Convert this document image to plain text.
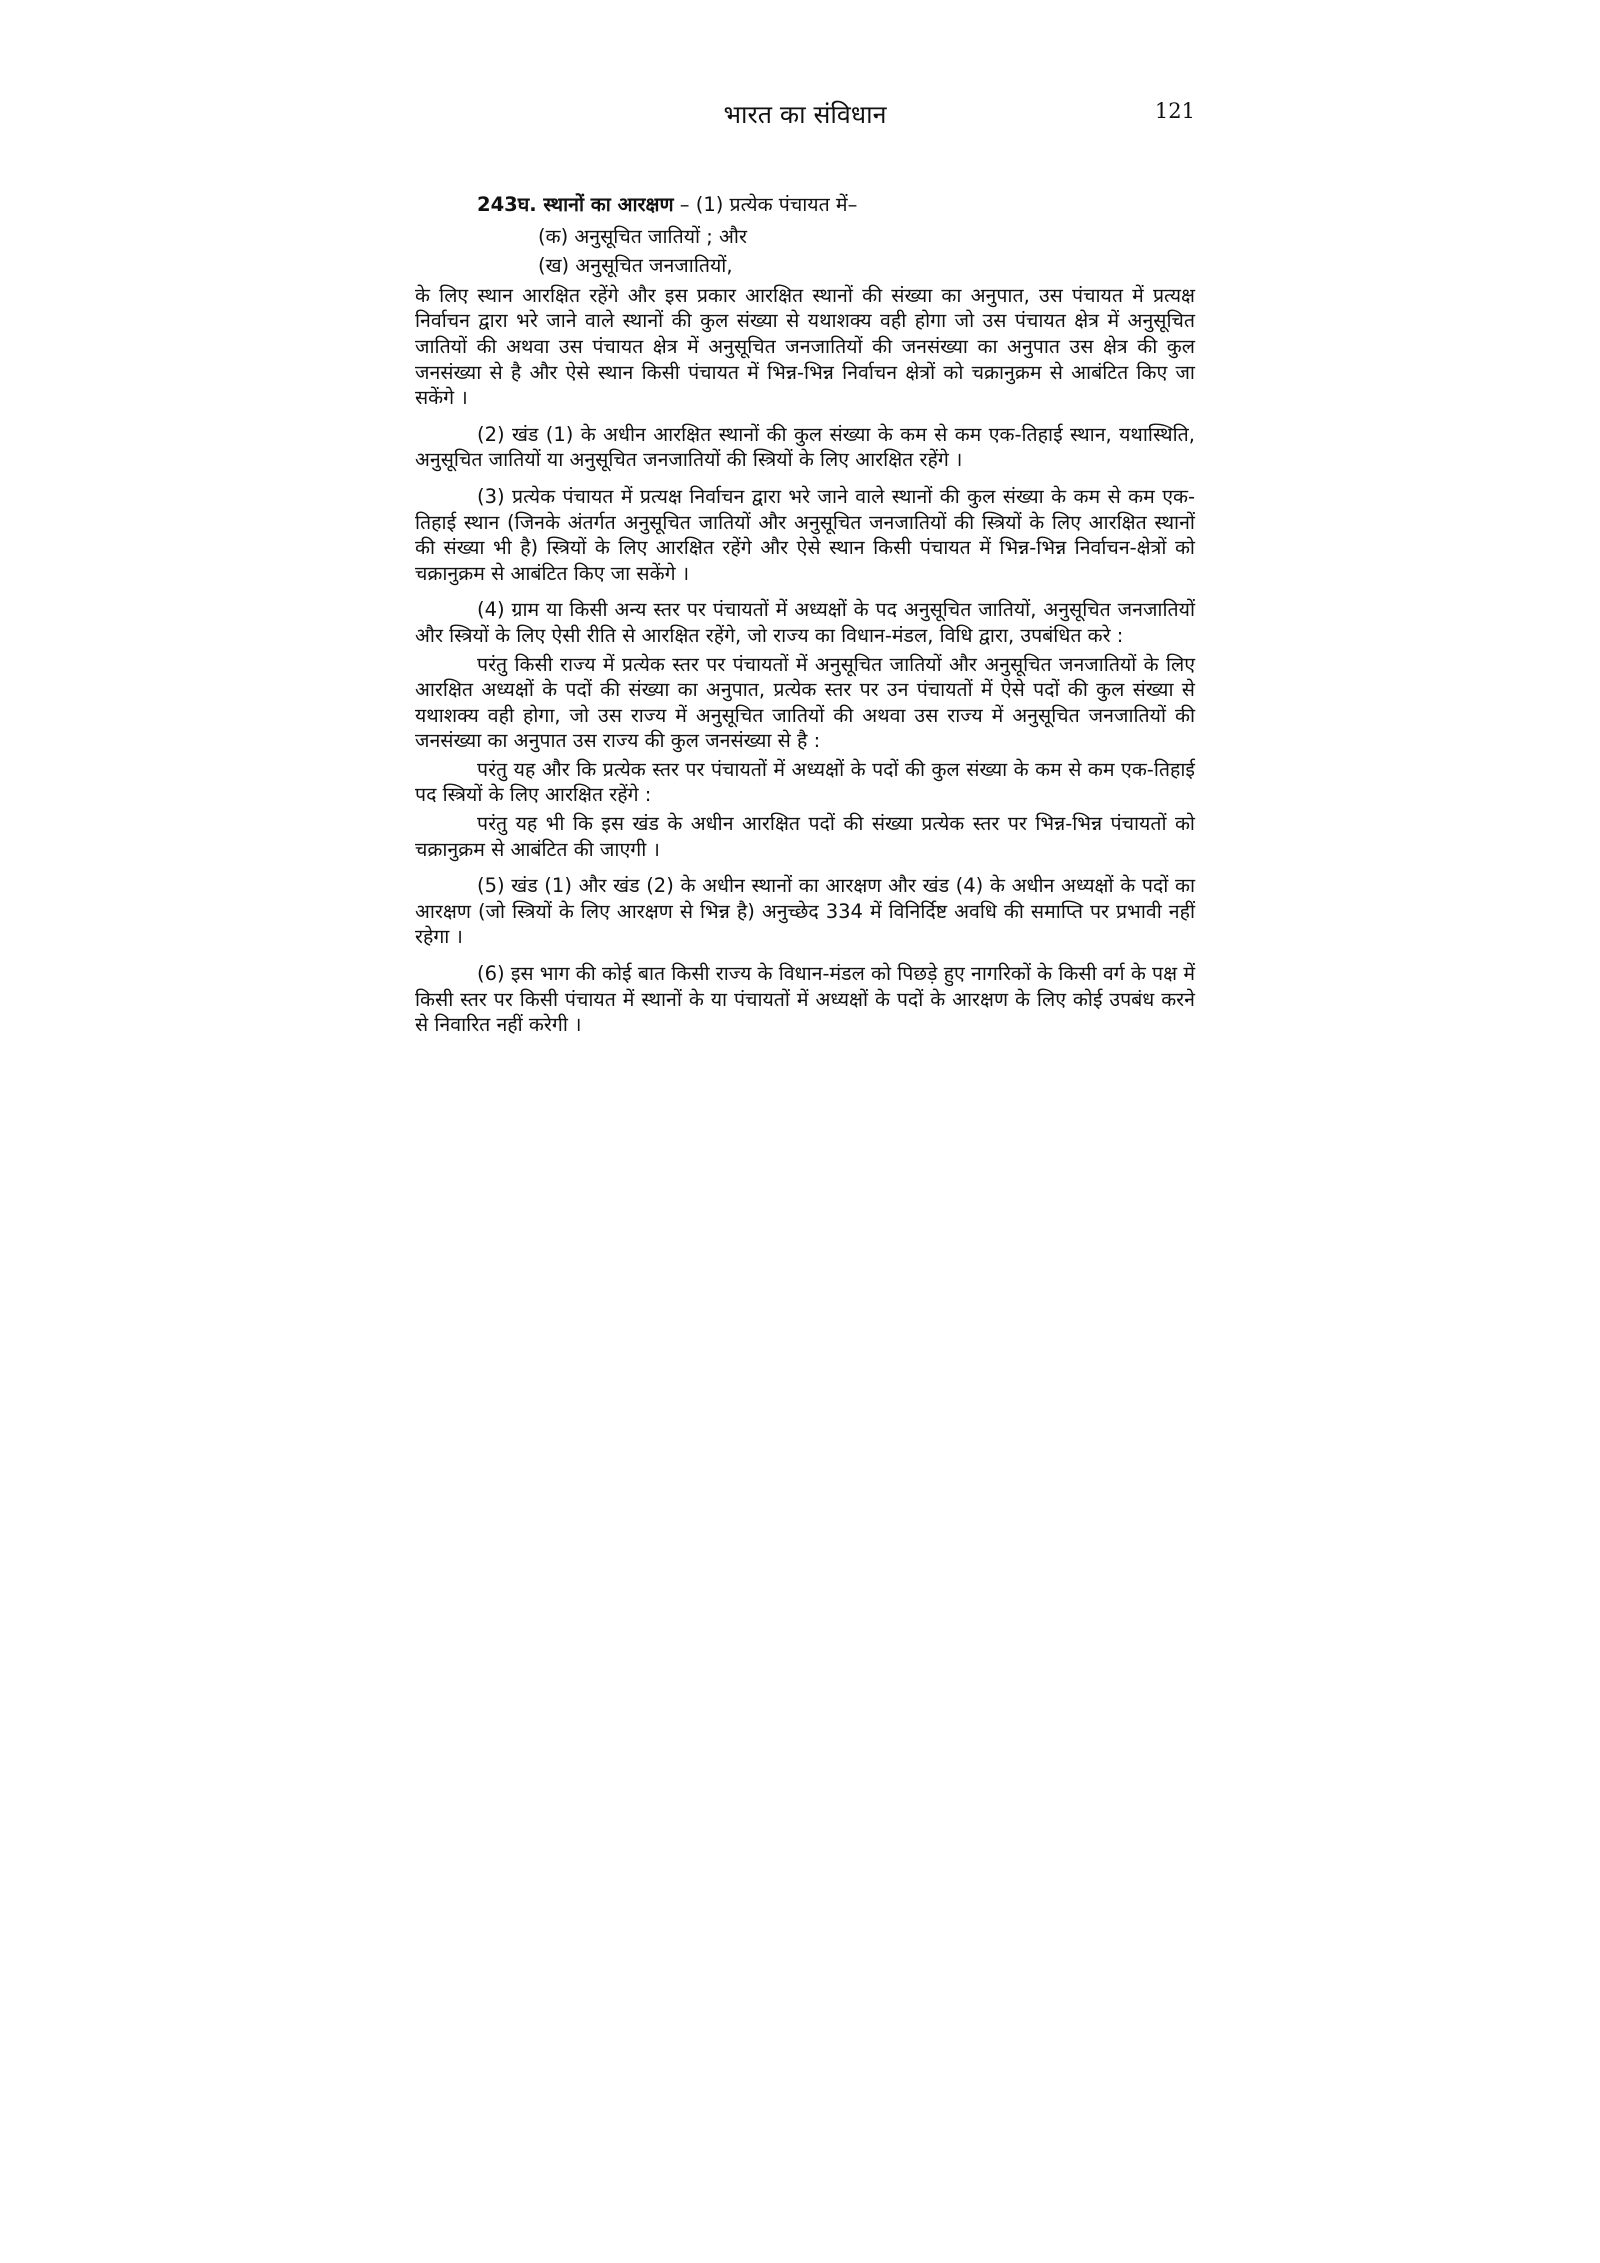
भारत का संविधान	121
243घ. स्थानों का आरक्षण – (1) प्रत्येक पंचायत में–
(क) अनुसूचित जातियों ; और
(ख) अनुसूचित जनजातियों,

के लिए स्थान आरक्षित रहेंगे और इस प्रकार आरक्षित स्थानों की संख्या का अनुपात, उस पंचायत में प्रत्यक्ष निर्वाचन द्वारा भरे जाने वाले स्थानों की कुल संख्या से यथाशक्य वही होगा जो उस पंचायत क्षेत्र में अनुसूचित जातियों की अथवा उस पंचायत क्षेत्र में अनुसूचित जनजातियों की जनसंख्या का अनुपात उस क्षेत्र की कुल जनसंख्या से है और ऐसे स्थान किसी पंचायत में भिन्न-भिन्न निर्वाचन क्षेत्रों को चक्रानुक्रम से आबंटित किए जा सकेंगे ।

(2) खंड (1) के अधीन आरक्षित स्थानों की कुल संख्या के कम से कम एक-तिहाई स्थान, यथास्थिति, अनुसूचित जातियों या अनुसूचित जनजातियों की स्त्रियों के लिए आरक्षित रहेंगे ।

(3) प्रत्येक पंचायत में प्रत्यक्ष निर्वाचन द्वारा भरे जाने वाले स्थानों की कुल संख्या के कम से कम एक-तिहाई स्थान (जिनके अंतर्गत अनुसूचित जातियों और अनुसूचित जनजातियों की स्त्रियों के लिए आरक्षित स्थानों की संख्या भी है) स्त्रियों के लिए आरक्षित रहेंगे और ऐसे स्थान किसी पंचायत में भिन्न-भिन्न निर्वाचन-क्षेत्रों को चक्रानुक्रम से आबंटित किए जा सकेंगे ।

(4) ग्राम या किसी अन्य स्तर पर पंचायतों में अध्यक्षों के पद अनुसूचित जातियों, अनुसूचित जनजातियों और स्त्रियों के लिए ऐसी रीति से आरक्षित रहेंगे, जो राज्य का विधान-मंडल, विधि द्वारा, उपबंधित करे :

परंतु किसी राज्य में प्रत्येक स्तर पर पंचायतों में अनुसूचित जातियों और अनुसूचित जनजातियों के लिए आरक्षित अध्यक्षों के पदों की संख्या का अनुपात, प्रत्येक स्तर पर उन पंचायतों में ऐसे पदों की कुल संख्या से यथाशक्य वही होगा, जो उस राज्य में अनुसूचित जातियों की अथवा उस राज्य में अनुसूचित जनजातियों की जनसंख्या का अनुपात उस राज्य की कुल जनसंख्या से है :

परंतु यह और कि प्रत्येक स्तर पर पंचायतों में अध्यक्षों के पदों की कुल संख्या के कम से कम एक-तिहाई पद स्त्रियों के लिए आरक्षित रहेंगे :

परंतु यह भी कि इस खंड के अधीन आरक्षित पदों की संख्या प्रत्येक स्तर पर भिन्न-भिन्न पंचायतों को चक्रानुक्रम से आबंटित की जाएगी ।

(5) खंड (1) और खंड (2) के अधीन स्थानों का आरक्षण और खंड (4) के अधीन अध्यक्षों के पदों का आरक्षण (जो स्त्रियों के लिए आरक्षण से भिन्न है) अनुच्छेद 334 में विनिर्दिष्ट अवधि की समाप्ति पर प्रभावी नहीं रहेगा ।

(6) इस भाग की कोई बात किसी राज्य के विधान-मंडल को पिछड़े हुए नागरिकों के किसी वर्ग के पक्ष में किसी स्तर पर किसी पंचायत में स्थानों के या पंचायतों में अध्यक्षों के पदों के आरक्षण के लिए कोई उपबंध करने से निवारित नहीं करेगी ।
